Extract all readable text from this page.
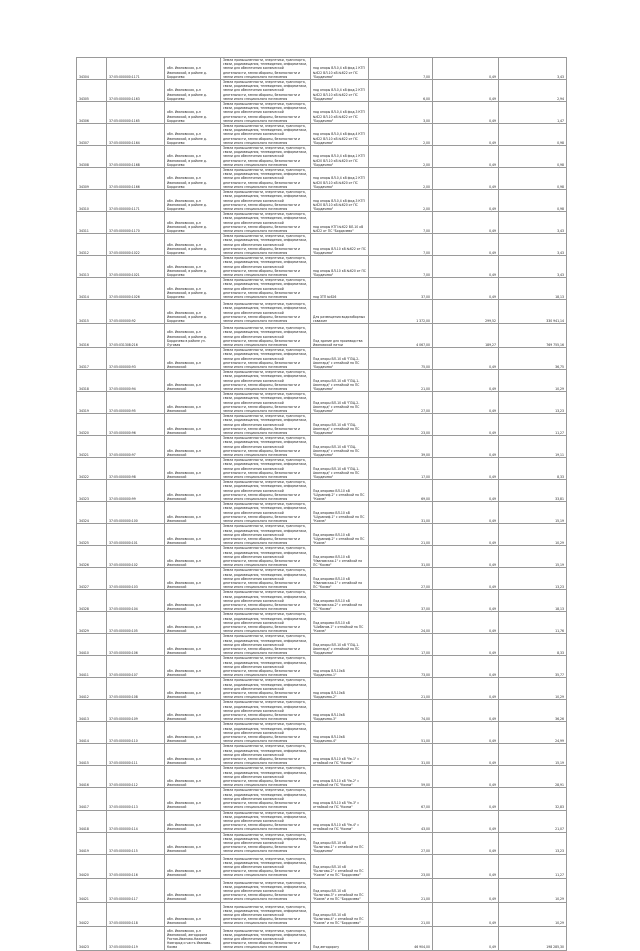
34304	37:05:000000:1171	обл. Ивановская, р-н Ивановский, в районе д. Бордачево	Земли промышленности, энергетики, транспорта, связи, радиовещания, телевидения, информатики, земли для обеспечения космической деятельности, земли обороны, безопасности и земли иного специального назначения	под опоры ВЛ-0,4 кВ фид.1 КТП №622 ВЛ-10 кВ №622 от ПС "Бордачево"	7,00	0,49	3,43
34305	37:05:000000:1163	обл. Ивановская, р-н Ивановский, в районе д. Бордачево	Земли промышленности, энергетики, транспорта, связи, радиовещания, телевидения, информатики, земли для обеспечения космической деятельности, земли обороны, безопасности и земли иного специального назначения	под опоры ВЛ-0,4 кВ фид.2 КТП №622 ВЛ-10 кВ №622 от ПС "Бордачево"	6,00	0,49	2,94
34306	37:05:000000:1165	обл. Ивановская, р-н Ивановский, в районе д. Бордачево	Земли промышленности, энергетики, транспорта, связи, радиовещания, телевидения, информатики, земли для обеспечения космической деятельности, земли обороны, безопасности и земли иного специального назначения	под опоры ВЛ-0,4 кВ фид.3 КТП №622 ВЛ-10 кВ №622 от ПС "Бордачево"	3,00	0,49	1,47
34307	37:05:000000:1164	обл. Ивановская, р-н Ивановский, в районе д. Бордачево	Земли промышленности, энергетики, транспорта, связи, радиовещания, телевидения, информатики, земли для обеспечения космической деятельности, земли обороны, безопасности и земли иного специального назначения	под опоры ВЛ-0,4 кВ фид.4 КТП №622 ВЛ-10 кВ №622 от ПС "Бордачево"	2,00	0,49	0,98
34308	37:05:000000:1168	обл. Ивановская, р-н Ивановский, в районе д. Бордачево	Земли промышленности, энергетики, транспорта, связи, радиовещания, телевидения, информатики, земли для обеспечения космической деятельности, земли обороны, безопасности и земли иного специального назначения	под опоры ВЛ-0,4 кВ фид.1 КТП №620 ВЛ-10 кВ №620 от ПС "Бордачево"	2,00	0,49	0,98
34309	37:05:000000:1166	обл. Ивановская, р-н Ивановский, в районе д. Бордачево	Земли промышленности, энергетики, транспорта, связи, радиовещания, телевидения, информатики, земли для обеспечения космической деятельности, земли обороны, безопасности и земли иного специального назначения	под опоры ВЛ-0,4 кВ фид.2 КТП №620 ВЛ-10 кВ №620 от ПС "Бордачево"	2,00	0,49	0,98
34310	37:05:000000:1171	обл. Ивановская, р-н Ивановский, в районе д. Бордачево	Земли промышленности, энергетики, транспорта, связи, радиовещания, телевидения, информатики, земли для обеспечения космической деятельности, земли обороны, безопасности и земли иного специального назначения	под опоры ВЛ-0,4 кВ фид.3 КТП №620 ВЛ-10 кВ №620 от ПС "Бордачево"	2,00	0,49	0,98
34311	37:05:000000:1170	обл. Ивановская, р-н Ивановский, в районе д. Бордачево	Земли промышленности, энергетики, транспорта, связи, радиовещания, телевидения, информатики, земли для обеспечения космической деятельности, земли обороны, безопасности и земли иного специального назначения	под опоры КТП №622 ВЛ-10 кВ №622 от ПС "Бордачево"	7,00	0,49	3,43
34312	37:05:000000:1022	обл. Ивановская, р-н Ивановский, в районе д. Бордачево	Земли промышленности, энергетики, транспорта, связи, радиовещания, телевидения, информатики, земли для обеспечения космической деятельности, земли обороны, безопасности и земли иного специального назначения	под опоры ВЛ-10 кВ №622 от ПС "Бордачево"	7,00	0,49	3,43
34313	37:05:000000:1021	обл. Ивановская, р-н Ивановский, в районе д. Бордачево	Земли промышленности, энергетики, транспорта, связи, радиовещания, телевидения, информатики, земли для обеспечения космической деятельности, земли обороны, безопасности и земли иного специального назначения	под опоры ВЛ-10 кВ №620 от ПС "Бордачево"	7,00	0,49	3,43
34314	37:05:000000:1026	обл. Ивановская, р-н Ивановский, в районе д. Бордачево	Земли промышленности, энергетики, транспорта, связи, радиовещания, телевидения, информатики, земли для обеспечения космической деятельности, земли обороны, безопасности и земли иного специального назначения	под ЗТП №626	37,00	0,49	18,13
34315	37:05:000000:92	обл. Ивановская, р-н Ивановский, в районе д. Бордачево	Земли промышленности, энергетики, транспорта, связи, радиовещания, телевидения, информатики, земли для обеспечения космической деятельности, земли обороны, безопасности и земли иного специального назначения	Для размещения водозаборных скважин	1 372,00	299,52	330 941,14
34316	37:05:031308:216	обл. Ивановская, р-н Ивановский, в районе д. Бордачево в районе ул. Луговая	Земли промышленности, энергетики, транспорта, связи, радиовещания, телевидения, информатики, земли для обеспечения космической деятельности, земли обороны, безопасности и земли иного специального назначения	Под здание для производства Ивановской нитки	4 067,00	189,27	769 755,16
34317	37:05:000000:93	обл. Ивановская, р-н Ивановский	Земли промышленности, энергетики, транспорта, связи, радиовещания, телевидения, информатики, земли для обеспечения космической деятельности, земли обороны, безопасности и земли иного специального назначения	Под опоры ВЛ-10 кВ "ПЗЦ-2-Авангард" с отпайкой на ПС "Бордачево"	75,00	0,49	36,75
34318	37:05:000000:94	обл. Ивановская, р-н Ивановский	Земли промышленности, энергетики, транспорта, связи, радиовещания, телевидения, информатики, земли для обеспечения космической деятельности, земли обороны, безопасности и земли иного специального назначения	Под опоры ВЛ-10 кВ "ПЗЦ-1-Авангард" с отпайкой на ПС "Бордачево"	21,00	0,49	10,29
34319	37:05:000000:95	обл. Ивановская, р-н Ивановский	Земли промышленности, энергетики, транспорта, связи, радиовещания, телевидения, информатики, земли для обеспечения космической деятельности, земли обороны, безопасности и земли иного специального назначения	Под опоры ВЛ-10 кВ "ПЗЦ-2-Авангард" с отпайкой на ПС "Бордачево"	27,00	0,49	13,23
34320	37:05:000000:96	обл. Ивановская, р-н Ивановский	Земли промышленности, энергетики, транспорта, связи, радиовещания, телевидения, информатики, земли для обеспечения космической деятельности, земли обороны, безопасности и земли иного специального назначения	Под опоры ВЛ-10 кВ "ПЗЦ-Авангард" с отпайкой на ПС "Бордачево"	23,00	0,49	11,27
34321	37:05:000000:97	обл. Ивановская, р-н Ивановский	Земли промышленности, энергетики, транспорта, связи, радиовещания, телевидения, информатики, земли для обеспечения космической деятельности, земли обороны, безопасности и земли иного специального назначения	Под опоры ВЛ-10 кВ "ПЗЦ-Авангард" с отпайкой на ПС "Бордачево"	39,00	0,49	19,11
34322	37:05:000000:98	обл. Ивановская, р-н Ивановский	Земли промышленности, энергетики, транспорта, связи, радиовещания, телевидения, информатики, земли для обеспечения космической деятельности, земли обороны, безопасности и земли иного специального назначения	Под опоры ВЛ-10 кВ "ПЗЦ-1-Авангард" с отпайкой на ПС "Бордачево"	17,00	0,49	8,33
34323	37:05:000000:99	обл. Ивановская, р-н Ивановский	Земли промышленности, энергетики, транспорта, связи, радиовещания, телевидения, информатики, земли для обеспечения космической деятельности, земли обороны, безопасности и земли иного специального назначения	Под опорами ВЛ-10 кВ "Шурамиф-2" с отпайкой на ПС "Кохма"	69,00	0,49	33,81
34324	37:05:000000:100	обл. Ивановская, р-н Ивановский	Земли промышленности, энергетики, транспорта, связи, радиовещания, телевидения, информатики, земли для обеспечения космической деятельности, земли обороны, безопасности и земли иного специального назначения	Под опорами ВЛ-10 кВ "Шурамиф-1" с отпайкой на ПС "Кохма"	31,00	0,49	15,19
34325	37:05:000000:101	обл. Ивановская, р-н Ивановский	Земли промышленности, энергетики, транспорта, связи, радиовещания, телевидения, информатики, земли для обеспечения космической деятельности, земли обороны, безопасности и земли иного специального назначения	Под опорами ВЛ-10 кВ "Шурамиф-2" с отпайкой на ПС "Кохма"	21,00	0,49	10,29
34326	37:05:000000:102	обл. Ивановская, р-н Ивановский	Земли промышленности, энергетики, транспорта, связи, радиовещания, телевидения, информатики, земли для обеспечения космической деятельности, земли обороны, безопасности и земли иного специального назначения	Под опорами ВЛ-10 кВ "Ивановская-1" с отпайкой на ПС "Кохма"	31,00	0,49	15,19
34327	37:05:000000:103	обл. Ивановская, р-н Ивановский	Земли промышленности, энергетики, транспорта, связи, радиовещания, телевидения, информатики, земли для обеспечения космической деятельности, земли обороны, безопасности и земли иного специального назначения	Под опорами ВЛ-10 кВ "Ивановская-1" с отпайкой на ПС "Кохма"	27,00	0,49	13,23
34328	37:05:000000:104	обл. Ивановская, р-н Ивановский	Земли промышленности, энергетики, транспорта, связи, радиовещания, телевидения, информатики, земли для обеспечения космической деятельности, земли обороны, безопасности и земли иного специального назначения	Под опорами ВЛ-10 кВ "Ивановская-2" с отпайкой на ПС "Кохма"	37,00	0,49	18,13
34329	37:05:000000:105	обл. Ивановская, р-н Ивановский	Земли промышленности, энергетики, транспорта, связи, радиовещания, телевидения, информатики, земли для обеспечения космической деятельности, земли обороны, безопасности и земли иного специального назначения	Под опорами ВЛ-10 кВ "Шибанов-1" с отпайкой на ПС "Кохма"	24,00	0,49	11,76
34410	37:05:000000:106	обл. Ивановская, р-н Ивановский	Земли промышленности, энергетики, транспорта, связи, радиовещания, телевидения, информатики, земли для обеспечения космической деятельности, земли обороны, безопасности и земли иного специального назначения	Под опоры ВЛ-10 кВ "ПЗЦ-1-Авангард" с отпайкой на ПС "Бордачево"	17,00	0,49	8,33
34411	37:05:000000:107	обл. Ивановская, р-н Ивановский	Земли промышленности, энергетики, транспорта, связи, радиовещания, телевидения, информатики, земли для обеспечения космической деятельности, земли обороны, безопасности и земли иного специального назначения	под опоры ВЛ-10кВ "Бордачево-1"	73,00	0,49	35,77
34412	37:05:000000:108	обл. Ивановская, р-н Ивановский	Земли промышленности, энергетики, транспорта, связи, радиовещания, телевидения, информатики, земли для обеспечения космической деятельности, земли обороны, безопасности и земли иного специального назначения	под опоры ВЛ-10кВ "Бордачево-2"	21,00	0,49	10,29
34413	37:05:000000:109	обл. Ивановская, р-н Ивановский	Земли промышленности, энергетики, транспорта, связи, радиовещания, телевидения, информатики, земли для обеспечения космической деятельности, земли обороны, безопасности и земли иного специального назначения	под опоры ВЛ-10кВ "Бордачево-3"	74,00	0,49	36,26
34414	37:05:000000:110	обл. Ивановская, р-н Ивановский	Земли промышленности, энергетики, транспорта, связи, радиовещания, телевидения, информатики, земли для обеспечения космической деятельности, земли обороны, безопасности и земли иного специального назначения	под опоры ВЛ-10кВ "Бордачево-4"	51,00	0,49	24,99
34415	37:05:000000:111	обл. Ивановская, р-н Ивановский	Земли промышленности, энергетики, транспорта, связи, радиовещания, телевидения, информатики, земли для обеспечения космической деятельности, земли обороны, безопасности и земли иного специального назначения	под опоры ВЛ-10 кВ "Ув-1" с отпайкой на ПС "Кохма"	31,00	0,49	15,19
34416	37:05:000000:112	обл. Ивановская, р-н Ивановский	Земли промышленности, энергетики, транспорта, связи, радиовещания, телевидения, информатики, земли для обеспечения космической деятельности, земли обороны, безопасности и земли иного специального назначения	под опоры ВЛ-10 кВ "Ув-2" с отпайкой на ПС "Кохма"	59,00	0,49	28,91
34417	37:05:000000:113	обл. Ивановская, р-н Ивановский	Земли промышленности, энергетики, транспорта, связи, радиовещания, телевидения, информатики, земли для обеспечения космической деятельности, земли обороны, безопасности и земли иного специального назначения	под опоры ВЛ-10 кВ "Ув-3" с отпайкой на ПС "Кохма"	67,00	0,49	32,83
34418	37:05:000000:114	обл. Ивановская, р-н Ивановский	Земли промышленности, энергетики, транспорта, связи, радиовещания, телевидения, информатики, земли для обеспечения космической деятельности, земли обороны, безопасности и земли иного специального назначения	под опоры ВЛ-10 кВ "Ув-4" с отпайкой на ПС "Кохма"	43,00	0,49	21,07
34419	37:05:000000:115	обл. Ивановская, р-н Ивановский	Земли промышленности, энергетики, транспорта, связи, радиовещания, телевидения, информатики, земли для обеспечения космической деятельности, земли обороны, безопасности и земли иного специального назначения	Под опоры ВЛ-10 кВ "Бологово-1" с отпайкой на ПС "Бордачево"	27,00	0,49	13,23
34420	37:05:000000:116	обл. Ивановская, р-н Ивановский	Земли промышленности, энергетики, транспорта, связи, радиовещания, телевидения, информатики, земли для обеспечения космической деятельности, земли обороны, безопасности и земли иного специального назначения	Под опоры ВЛ-10 кВ "Бологово-2" с отпайкой на ПС "Кохма" и на ПС "Бордачево"	23,00	0,49	11,27
34421	37:05:000000:117	обл. Ивановская, р-н Ивановский	Земли промышленности, энергетики, транспорта, связи, радиовещания, телевидения, информатики, земли для обеспечения космической деятельности, земли обороны, безопасности и земли иного специального назначения	Под опоры ВЛ-10 кВ "Бологово-3" с отпайкой на ПС "Кохма" и на ПС "Бордачево"	21,00	0,49	10,29
34422	37:05:000000:118	обл. Ивановская, р-н Ивановский	Земли промышленности, энергетики, транспорта, связи, радиовещания, телевидения, информатики, земли для обеспечения космической деятельности, земли обороны, безопасности и земли иного специального назначения	Под опоры ВЛ-10 кВ "Бологово-4" с отпайкой на ПС "Кохма" и на ПС "Бордачево"	21,00	0,49	10,29
34423	37:05:000000:119	обл. Ивановская, р-н Ивановский, автодорога Ростов-Иваново-Нижний Новгород и часть Иваново-Кохма	Земли промышленности, энергетики, транспорта, связи, радиовещания, телевидения, информатики, земли для обеспечения космической деятельности, земли обороны, безопасности и земли иного специального назначения	Под автодорогу	46 904,00	0,49	198 285,30
